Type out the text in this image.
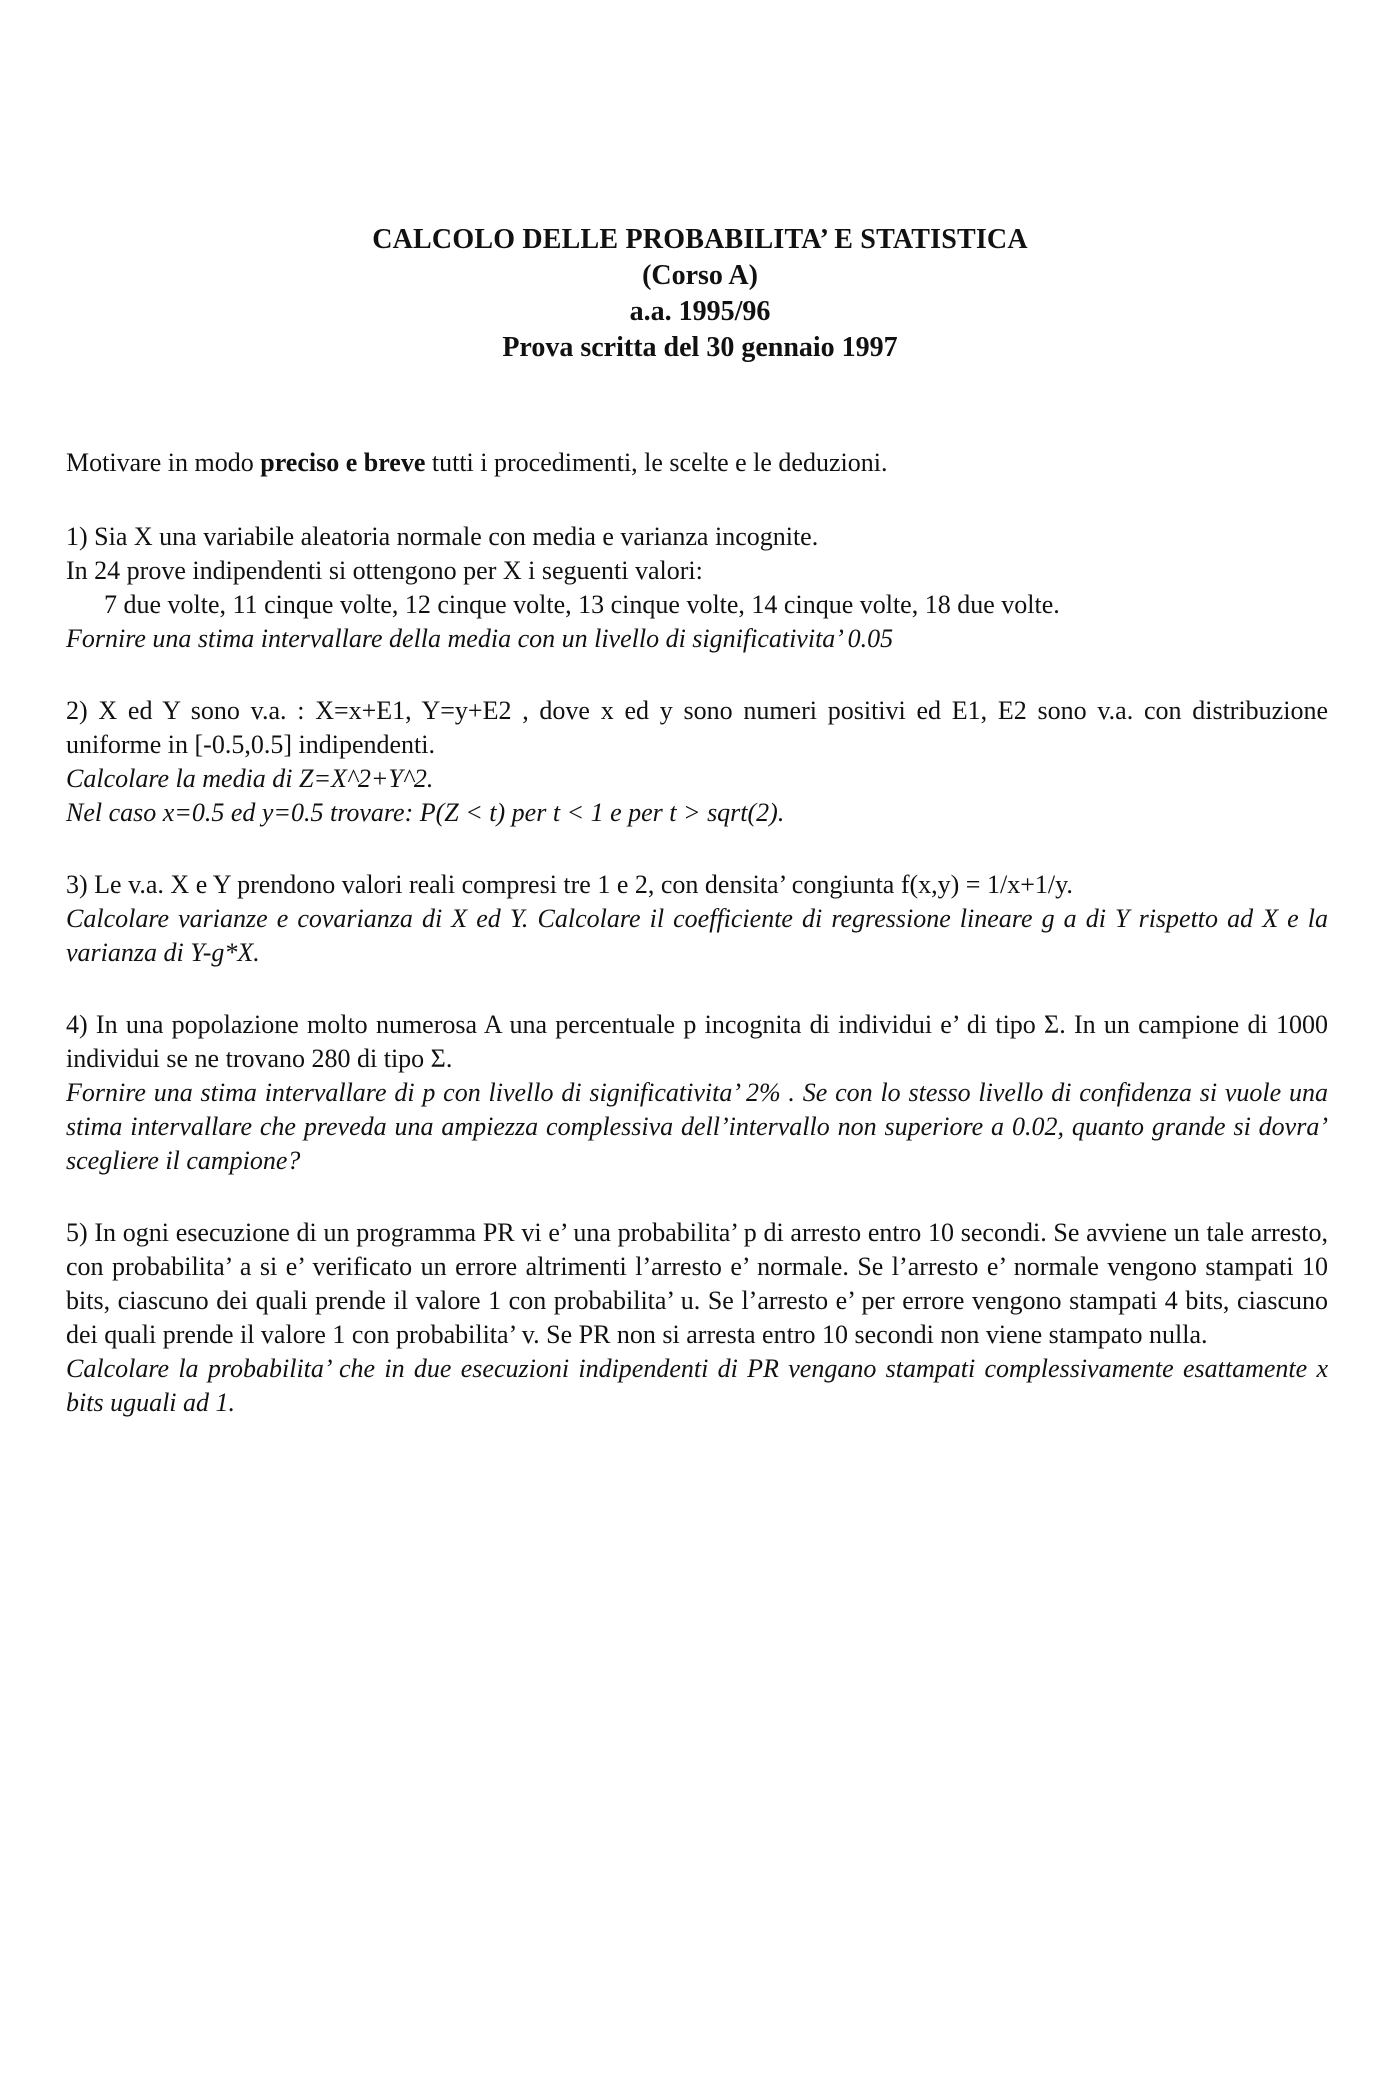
CALCOLO DELLE PROBABILITA’ E STATISTICA
(Corso A)
a.a. 1995/96
Prova scritta del 30 gennaio 1997

Motivare in modo preciso e breve tutti i procedimenti, le scelte e le deduzioni.

1) Sia X una variabile aleatoria normale con media e varianza incognite.
In 24 prove indipendenti si ottengono per X i seguenti valori:
7 due volte, 11 cinque volte, 12 cinque volte, 13 cinque volte, 14 cinque volte, 18 due volte.
Fornire una stima intervallare della media con un livello di significativita’ 0.05
2) X ed Y sono v.a. : X=x+E1, Y=y+E2 , dove x ed y sono numeri positivi ed E1, E2 sono v.a. con distribuzione uniforme in [-0.5,0.5] indipendenti.
Calcolare la media di Z=X^2+Y^2.
Nel caso x=0.5 ed y=0.5 trovare: P(Z < t) per t < 1 e per t > sqrt(2).
3) Le v.a. X e Y prendono valori reali compresi tre 1 e 2, con densita’ congiunta f(x,y) = 1/x+1/y.
Calcolare varianze e covarianza di X ed Y. Calcolare il coefficiente di regressione lineare g a di Y rispetto ad X e la varianza di Y-g*X.
4) In una popolazione molto numerosa A una percentuale p incognita di individui e’ di tipo Σ. In un campione di 1000 individui se ne trovano 280 di tipo Σ.
Fornire una stima intervallare di p con livello di significativita’ 2% . Se con lo stesso livello di confidenza si vuole una stima intervallare che preveda una ampiezza complessiva dell’intervallo non superiore a 0.02, quanto grande si dovra’ scegliere il campione?
5) In ogni esecuzione di un programma PR vi e’ una probabilita’ p di arresto entro 10 secondi. Se avviene un tale arresto, con probabilita’ a si e’ verificato un errore altrimenti l’arresto e’ normale. Se l’arresto e’ normale vengono stampati 10 bits, ciascuno dei quali prende il valore 1 con probabilita’ u. Se l’arresto e’ per errore vengono stampati 4 bits, ciascuno dei quali prende il valore 1 con probabilita’ v. Se PR non si arresta entro 10 secondi non viene stampato nulla.
Calcolare la probabilita’ che in due esecuzioni indipendenti di PR vengano stampati complessivamente esattamente x bits uguali ad 1.
